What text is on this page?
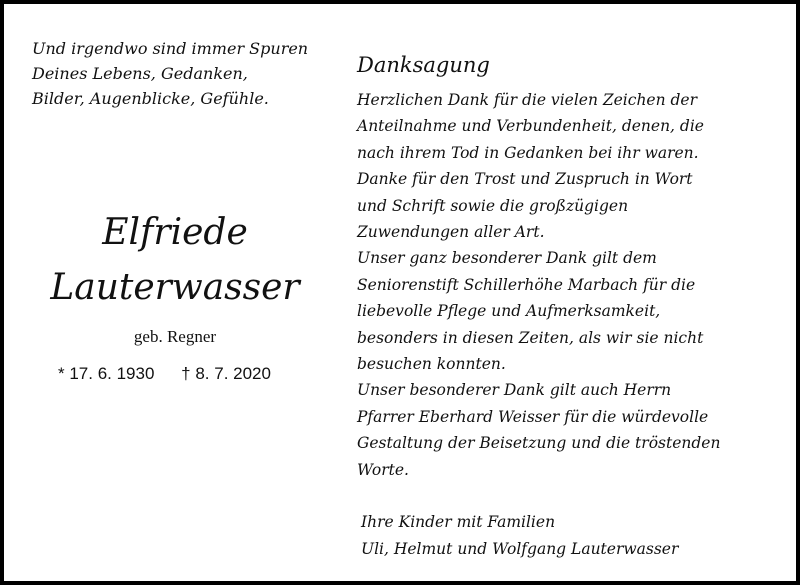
Und irgendwo sind immer Spuren
Deines Lebens, Gedanken,
Bilder, Augenblicke, Gefühle.
Elfriede
Lauterwasser
geb. Regner
* 17. 6. 1930 † 8. 7. 2020
Danksagung
Herzlichen Dank für die vielen Zeichen der
Anteilnahme und Verbundenheit, denen, die
nach ihrem Tod in Gedanken bei ihr waren.
Danke für den Trost und Zuspruch in Wort
und Schrift sowie die großzügigen
Zuwendungen aller Art.
Unser ganz besonderer Dank gilt dem
Seniorenstift Schillerhöhe Marbach für die
liebevolle Pflege und Aufmerksamkeit,
besonders in diesen Zeiten, als wir sie nicht
besuchen konnten.
Unser besonderer Dank gilt auch Herrn
Pfarrer Eberhard Weisser für die würdevolle
Gestaltung der Beisetzung und die tröstenden
Worte.
Ihre Kinder mit Familien
Uli, Helmut und Wolfgang Lauterwasser
